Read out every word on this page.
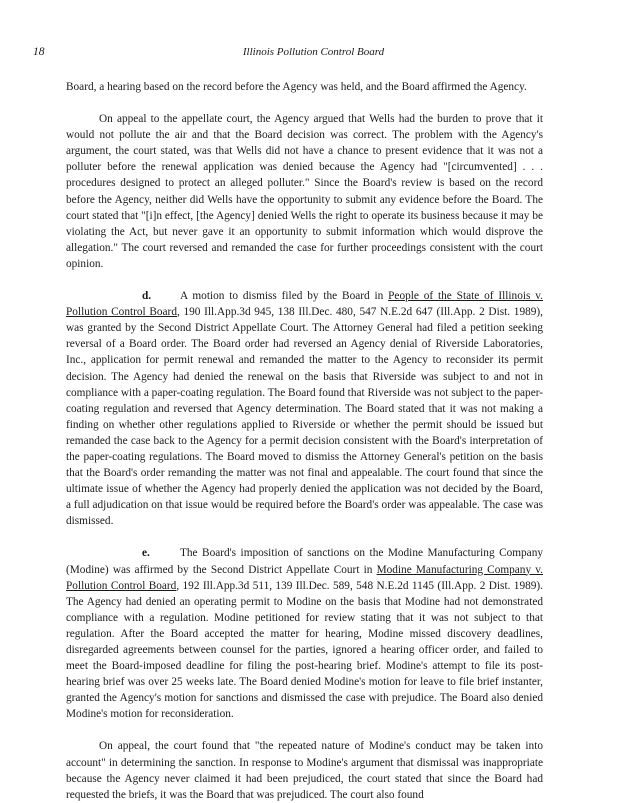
18	Illinois Pollution Control Board

Board, a hearing based on the record before the Agency was held, and the Board affirmed the Agency.

On appeal to the appellate court, the Agency argued that Wells had the burden to prove that it would not pollute the air and that the Board decision was correct. The problem with the Agency's argument, the court stated, was that Wells did not have a chance to present evidence that it was not a polluter before the renewal application was denied because the Agency had "[circumvented] . . . procedures designed to protect an alleged polluter." Since the Board's review is based on the record before the Agency, neither did Wells have the opportunity to submit any evidence before the Board. The court stated that "[i]n effect, [the Agency] denied Wells the right to operate its business because it may be violating the Act, but never gave it an opportunity to submit information which would disprove the allegation." The court reversed and remanded the case for further proceedings consistent with the court opinion.

d.	A motion to dismiss filed by the Board in People of the State of Illinois v. Pollution Control Board, 190 Ill.App.3d 945, 138 Ill.Dec. 480, 547 N.E.2d 647 (Ill.App. 2 Dist. 1989), was granted by the Second District Appellate Court. The Attorney General had filed a petition seeking reversal of a Board order. The Board order had reversed an Agency denial of Riverside Laboratories, Inc., application for permit renewal and remanded the matter to the Agency to reconsider its permit decision. The Agency had denied the renewal on the basis that Riverside was subject to and not in compliance with a paper-coating regulation. The Board found that Riverside was not subject to the paper-coating regulation and reversed that Agency determination. The Board stated that it was not making a finding on whether other regulations applied to Riverside or whether the permit should be issued but remanded the case back to the Agency for a permit decision consistent with the Board's interpretation of the paper-coating regulations. The Board moved to dismiss the Attorney General's petition on the basis that the Board's order remanding the matter was not final and appealable. The court found that since the ultimate issue of whether the Agency had properly denied the application was not decided by the Board, a full adjudication on that issue would be required before the Board's order was appealable. The case was dismissed.

e.	The Board's imposition of sanctions on the Modine Manufacturing Company (Modine) was affirmed by the Second District Appellate Court in Modine Manufacturing Company v. Pollution Control Board, 192 Ill.App.3d 511, 139 Ill.Dec. 589, 548 N.E.2d 1145 (Ill.App. 2 Dist. 1989). The Agency had denied an operating permit to Modine on the basis that Modine had not demonstrated compliance with a regulation. Modine petitioned for review stating that it was not subject to that regulation. After the Board accepted the matter for hearing, Modine missed discovery deadlines, disregarded agreements between counsel for the parties, ignored a hearing officer order, and failed to meet the Board-imposed deadline for filing the post-hearing brief. Modine's attempt to file its post-hearing brief was over 25 weeks late. The Board denied Modine's motion for leave to file brief instanter, granted the Agency's motion for sanctions and dismissed the case with prejudice. The Board also denied Modine's motion for reconsideration.

On appeal, the court found that "the repeated nature of Modine's conduct may be taken into account" in determining the sanction. In response to Modine's argument that dismissal was inappropriate because the Agency never claimed it had been prejudiced, the court stated that since the Board had requested the briefs, it was the Board that was prejudiced. The court also found
